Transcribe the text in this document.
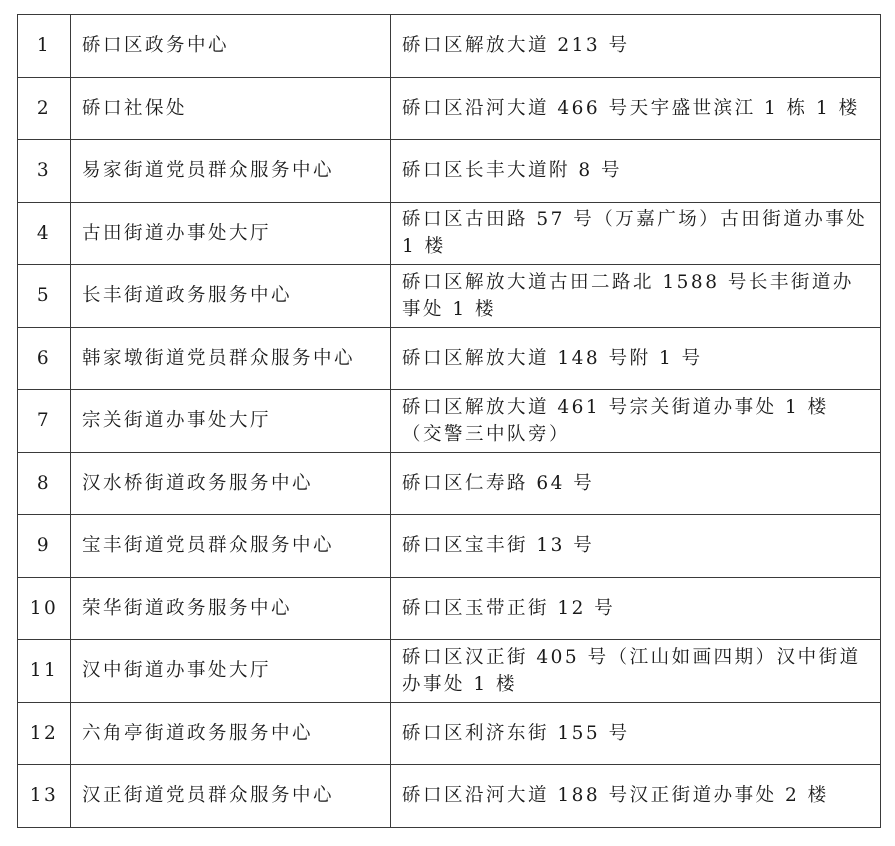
1	硚口区政务中心	硚口区解放大道 213 号
2	硚口社保处	硚口区沿河大道 466 号天宇盛世滨江 1 栋 1 楼
3	易家街道党员群众服务中心	硚口区长丰大道附 8 号
4	古田街道办事处大厅	硚口区古田路 57 号（万嘉广场）古田街道办事处 1 楼
5	长丰街道政务服务中心	硚口区解放大道古田二路北 1588 号长丰街道办事处 1 楼
6	韩家墩街道党员群众服务中心	硚口区解放大道 148 号附 1 号
7	宗关街道办事处大厅	硚口区解放大道 461 号宗关街道办事处 1 楼（交警三中队旁）
8	汉水桥街道政务服务中心	硚口区仁寿路 64 号
9	宝丰街道党员群众服务中心	硚口区宝丰街 13 号
10	荣华街道政务服务中心	硚口区玉带正街 12 号
11	汉中街道办事处大厅	硚口区汉正街 405 号（江山如画四期）汉中街道办事处 1 楼
12	六角亭街道政务服务中心	硚口区利济东街 155 号
13	汉正街道党员群众服务中心	硚口区沿河大道 188 号汉正街道办事处 2 楼
